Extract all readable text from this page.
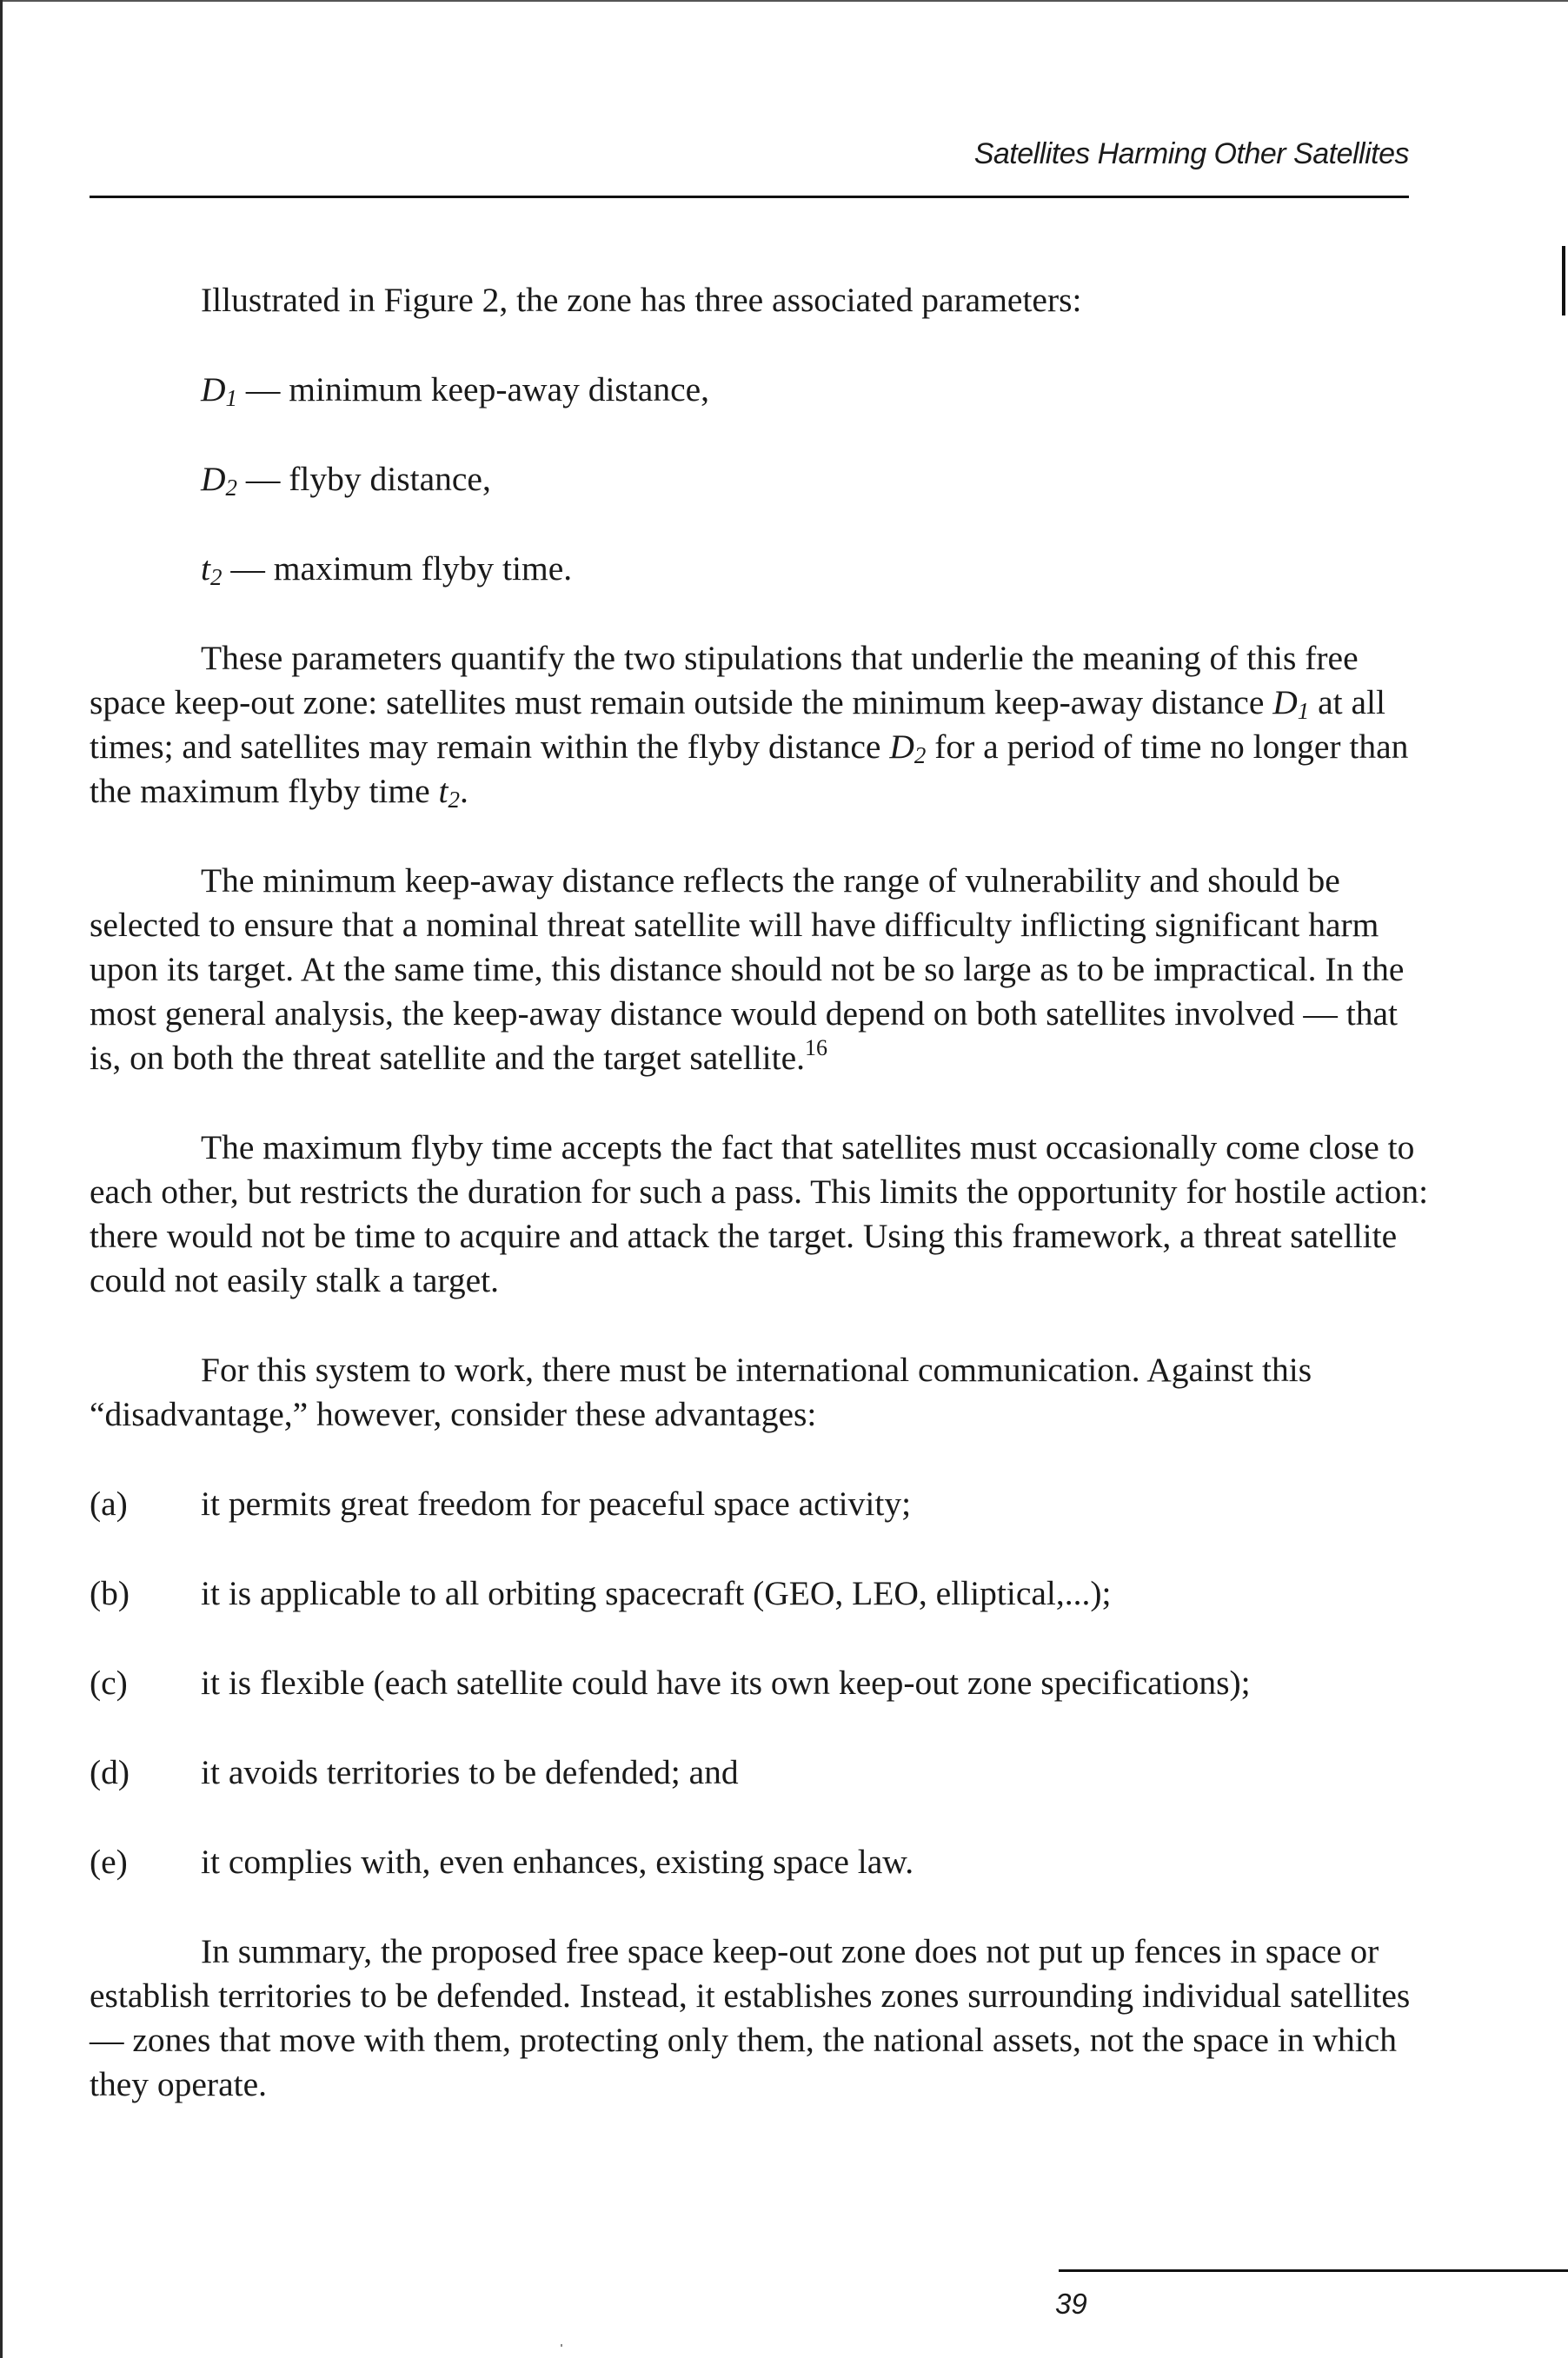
Satellites Harming Other Satellites

Illustrated in Figure 2, the zone has three associated parameters:

$D_1$ — minimum keep-away distance,
$D_2$ — flyby distance,
$t_2$ — maximum flyby time.

These parameters quantify the two stipulations that underlie the meaning of this free space keep-out zone: satellites must remain outside the minimum keep-away distance $D_1$ at all times; and satellites may remain within the flyby distance $D_2$ for a period of time no longer than the maximum flyby time $t_2$.

The minimum keep-away distance reflects the range of vulnerability and should be selected to ensure that a nominal threat satellite will have difficulty inflicting significant harm upon its target. At the same time, this distance should not be so large as to be impractical. In the most general analysis, the keep-away distance would depend on both satellites involved — that is, on both the threat satellite and the target satellite.$^{16}$

The maximum flyby time accepts the fact that satellites must occasionally come close to each other, but restricts the duration for such a pass. This limits the opportunity for hostile action: there would not be time to acquire and attack the target. Using this framework, a threat satellite could not easily stalk a target.

For this system to work, there must be international communication. Against this “disadvantage,” however, consider these advantages:

(a)	it permits great freedom for peaceful space activity;
(b)	it is applicable to all orbiting spacecraft (GEO, LEO, elliptical,...);
(c)	it is flexible (each satellite could have its own keep-out zone specifications);
(d)	it avoids territories to be defended; and
(e)	it complies with, even enhances, existing space law.

In summary, the proposed free space keep-out zone does not put up fences in space or establish territories to be defended. Instead, it establishes zones surrounding individual satellites — zones that move with them, protecting only them, the national assets, not the space in which they operate.

39
